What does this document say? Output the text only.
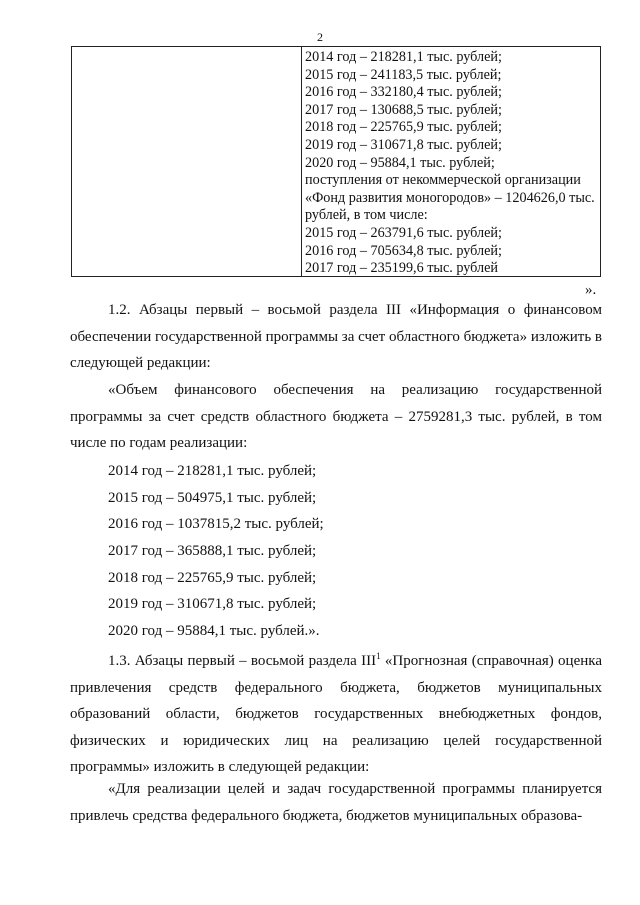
2
2014 год – 218281,1 тыс. рублей;
2015 год – 241183,5 тыс. рублей;
2016 год – 332180,4 тыс. рублей;
2017 год – 130688,5 тыс. рублей;
2018 год – 225765,9 тыс. рублей;
2019 год – 310671,8 тыс. рублей;
2020 год – 95884,1 тыс. рублей;
поступления от некоммерческой организации «Фонд развития моногородов» – 1204626,0 тыс. рублей, в том числе:
2015 год – 263791,6 тыс. рублей;
2016 год – 705634,8 тыс. рублей;
2017 год – 235199,6 тыс. рублей
».

1.2. Абзацы первый – восьмой раздела III «Информация о финансовом обеспечении государственной программы за счет областного бюджета» изложить в следующей редакции:

«Объем финансового обеспечения на реализацию государственной программы за счет средств областного бюджета – 2759281,3 тыс. рублей, в том числе по годам реализации:

2014 год – 218281,1 тыс. рублей;
2015 год – 504975,1 тыс. рублей;
2016 год – 1037815,2 тыс. рублей;
2017 год – 365888,1 тыс. рублей;
2018 год – 225765,9 тыс. рублей;
2019 год – 310671,8 тыс. рублей;
2020 год – 95884,1 тыс. рублей.».

1.3. Абзацы первый – восьмой раздела III$^1$ «Прогнозная (справочная) оценка привлечения средств федерального бюджета, бюджетов муниципальных образований области, бюджетов государственных внебюджетных фондов, физических и юридических лиц на реализацию целей государственной программы» изложить в следующей редакции:

«Для реализации целей и задач государственной программы планируется привлечь средства федерального бюджета, бюджетов муниципальных образова-
